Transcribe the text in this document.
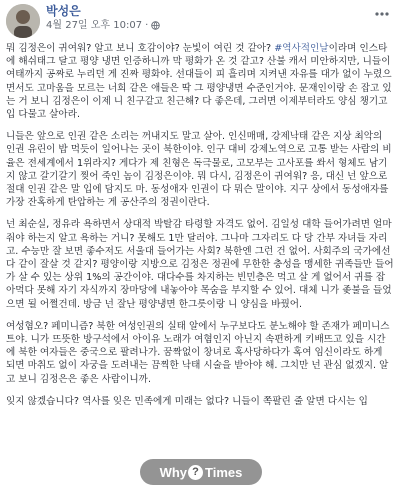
박성은
4월 27일 오후 10:07 ·

뭐 김정은이 귀여워? 알고 보니 호감이야? 눈빛이 여린 것 같아? #역사적인날이라며 인스타에 해쉬태그 달고 평양 냉면 인증하니까 막 평화가 온 것 같고? 산불 캐서 미안하지만, 니들이 여태까지 공짜로 누리던 게 진짜 평화야. 선대들이 피 흘리며 지켜낸 자유를 대가 없이 누렸으면서도 고마움을 모르는 너희 같은 애들은 딱 그 평양냉면 수준인거야. 문재인이랑 손 잡고 있는 거 보니 김정은이 이제 니 친구같고 친근해? 다 좋은데, 그러면 이제부터라도 양심 챙기고 입 다물고 살아라.

니들은 앞으로 인권 같은 소리는 꺼내지도 말고 살아. 인신매매, 강제낙태 같은 지상 최악의 인권 유린이 밥 먹듯이 일어나는 곳이 북한이야. 인구 대비 강제노역으로 고통 받는 사람의 비율은 전세계에서 1위라지? 게다가 제 친형은 독극물로, 고모부는 고사포를 쏴서 형체도 남기지 않고 갈기갈기 찢어 죽인 놈이 김정은이야. 뭐 다시, 김정은이 귀여워? 응, 대신 넌 앞으로 절대 인권 같은 말 입에 담지도 마. 동성애자 인권이 다 뭐슨 말이야. 지구 상에서 동성애자를 가장 잔혹하게 탄압하는 게 공산주의 정권이란다.

넌 최순실, 정유라 욕하면서 상대적 박탈감 타령할 자격도 없어. 김일성 대학 들어가려면 얼마 줘야 하는지 알고 욕하는 거니? 못해도 1만 달러야. 그나마 그자리도 다 당 간부 자녀들 자리고. 수능만 잘 보면 좋수저도 서울대 들어가는 사회? 북한엔 그런 건 없어. 사회주의 국가에선 다 같이 잘살 것 같지? 평양이랑 지방으로 김정은 정권에 무한한 충성을 맹세한 귀족들만 들어가 살 수 있는 상위 1%의 공간이야. 대다수를 차지하는 빈민층은 먹고 살 게 없어서 귀를 잡아먹다 못해 자기 자식까지 장마당에 내놓아야 목숨을 부지할 수 있어. 대체 니가 좆불을 들었으면 될 어쩔건데. 방금 넌 잘난 평양냉면 한그릇이랑 니 양심을 바꿨어.

여성혐오? 페미니즘? 북한 여성인권의 실태 알에서 누구보다도 분노해야 할 존재가 페미니스트야. 니가 뜨뜻한 방구석에서 아이유 노래가 여혐인지 아닌지 속편하게 키배뜨고 있을 시간에 북한 여자들은 중국으로 팔려나가. 꿈짝없이 창녀로 혹사당하다가 혹여 임신이라도 하게 되면 마취도 없이 자궁을 도려내는 끔찍한 낙태 시술을 받아야 해. 그치만 넌 관심 없겠지. 알고 보니 김정은은 좋은 사람이니까.

잊지 않겠습니다? 역사를 잊은 민족에게 미래는 없다? 니들이 쪽팔린 줄 알면 다시는 입

Why ? Times
